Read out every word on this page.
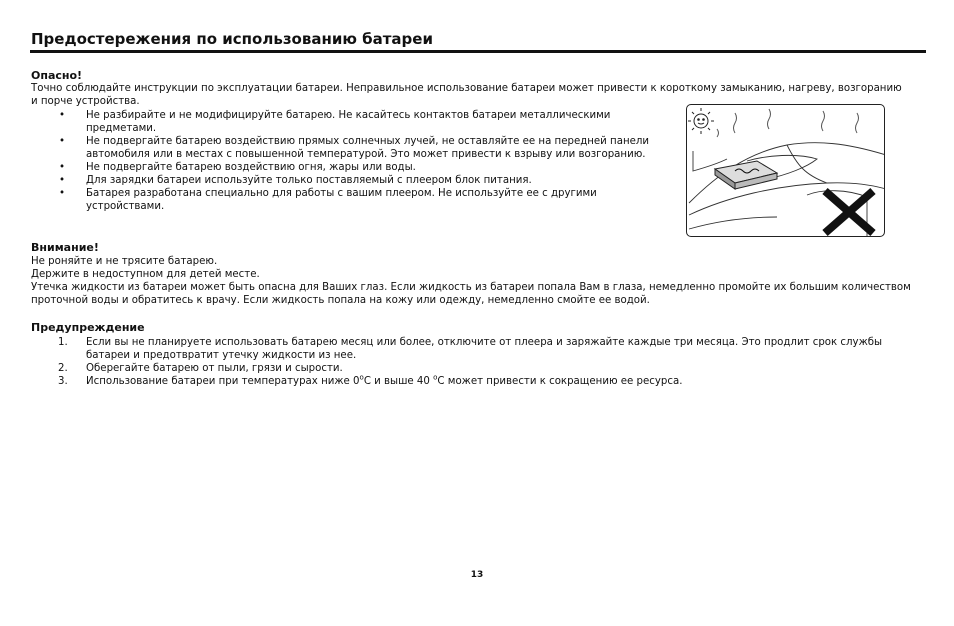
Предостережения по использованию батареи
Опасно!
Точно соблюдайте инструкции по эксплуатации батареи. Неправильное использование батареи может привести к короткому замыканию, нагреву, возгоранию и порче устройства.
• Не разбирайте и не модифицируйте батарею. Не касайтесь контактов батареи металлическими предметами.
• Не подвергайте батарею воздействию прямых солнечных лучей, не оставляйте ее на передней панели автомобиля или в местах с повышенной температурой. Это может привести к взрыву или возгоранию.
• Не подвергайте батарею воздействию огня, жары или воды.
• Для зарядки батареи используйте только поставляемый с плеером блок питания.
• Батарея разработана специально для работы с вашим плеером. Не используйте ее с другими устройствами.
Внимание!
Не роняйте и не трясите батарею.
Держите в недоступном для детей месте.
Утечка жидкости из батареи может быть опасна для Ваших глаз. Если жидкость из батареи попала Вам в глаза, немедленно промойте их большим количеством проточной воды и обратитесь к врачу. Если жидкость попала на кожу или одежду, немедленно смойте ее водой.
Предупреждение
1. Если вы не планируете использовать батарею месяц или более, отключите от плеера и заряжайте каждые три месяца. Это продлит срок службы батареи и предотвратит утечку жидкости из нее.
2. Оберегайте батарею от пыли, грязи и сырости.
3. Использование батареи при температурах ниже 0$^o$C и выше 40 $^o$C может привести к сокращению ее ресурса.
13
